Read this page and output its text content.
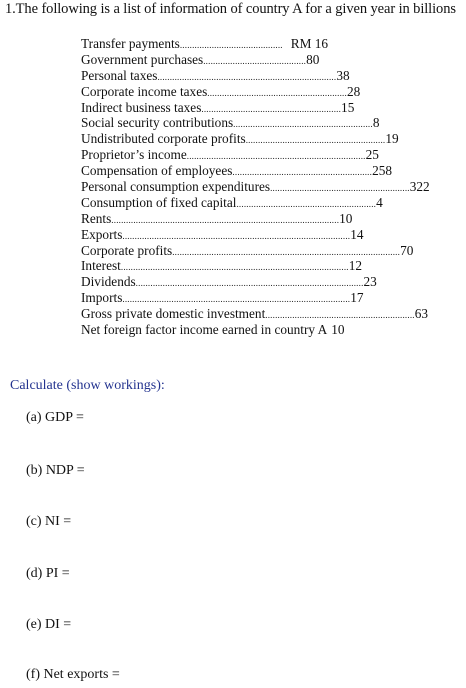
1.The following is a list of information of country A for a given year in billions
Transfer payments .......................................... RM 16
Government purchases .......................................... 80
Personal taxes ......................................................................... 38
Corporate income taxes ......................................................... 28
Indirect business taxes ......................................................... 15
Social security contributions ......................................................... 8
Undistributed corporate profits ......................................................... 19
Proprietor’s income ......................................................................... 25
Compensation of employees ......................................................... 258
Personal consumption expenditures ......................................................... 322
Consumption of fixed capital ......................................................... 4
Rents ............................................................................................. 10
Exports ............................................................................................. 14
Corporate profits ............................................................................................. 70
Interest ............................................................................................. 12
Dividends ............................................................................................. 23
Imports ............................................................................................. 17
Gross private domestic investment ............................................................. 63
Net foreign factor income earned in country A 10
Calculate (show workings):
(a) GDP =
(b) NDP =
(c) NI =
(d) PI =
(e) DI =
(f) Net exports =
